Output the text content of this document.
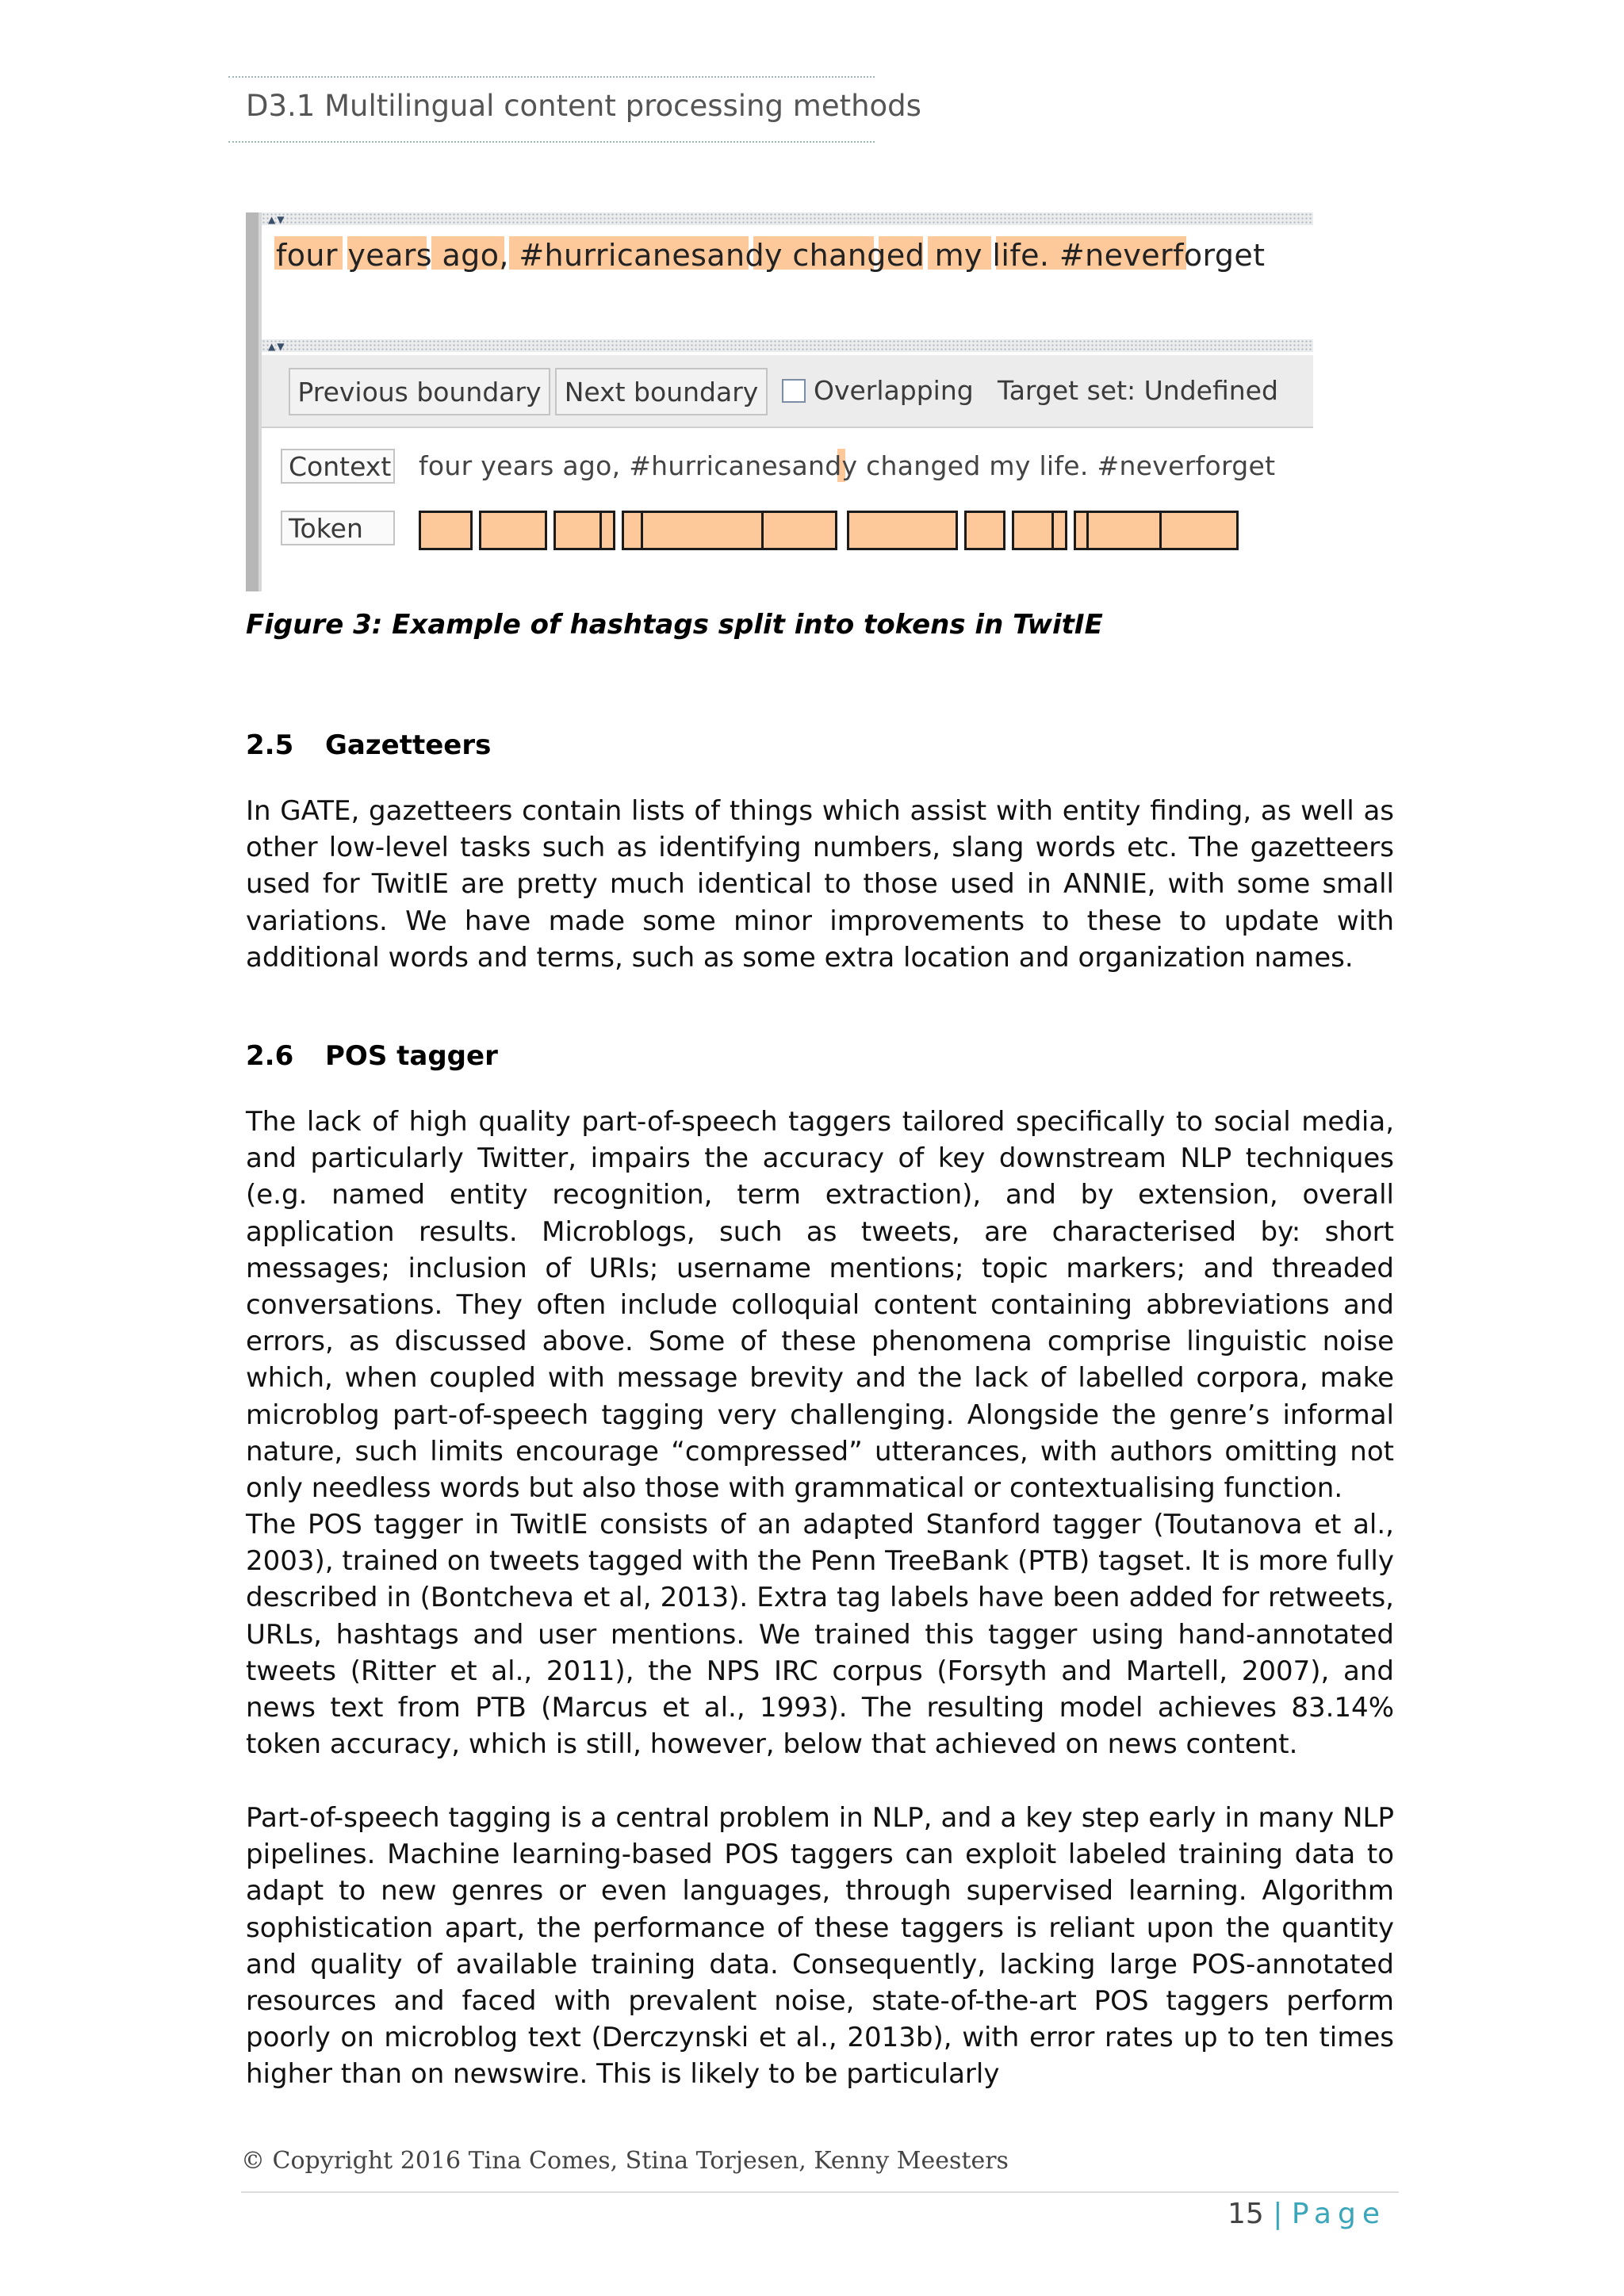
D3.1 Multilingual content processing methods
▲▼
four years ago, #hurricanesandy changed my life. #neverforget
▲▼
Previous boundary Next boundary	Overlapping Target set: Undefined
Context four years ago, #hurricanesandy changed my life. #neverforget
Token
Figure 3: Example of hashtags split into tokens in TwitIE
2.5 Gazetteers
In GATE, gazetteers contain lists of things which assist with entity finding, as well as other low-level tasks such as identifying numbers, slang words etc. The gazetteers used for TwitIE are pretty much identical to those used in ANNIE, with some small variations. We have made some minor improvements to these to update with additional words and terms, such as some extra location and organization names.
2.6 POS tagger
The lack of high quality part-of-speech taggers tailored specifically to social media, and particularly Twitter, impairs the accuracy of key downstream NLP techniques (e.g. named entity recognition, term extraction), and by extension, overall application results. Microblogs, such as tweets, are characterised by: short messages; inclusion of URIs; username mentions; topic markers; and threaded conversations. They often include colloquial content containing abbreviations and errors, as discussed above. Some of these phenomena comprise linguistic noise which, when coupled with message brevity and the lack of labelled corpora, make microblog part-of-speech tagging very challenging. Alongside the genre’s informal nature, such limits encourage “compressed” utterances, with authors omitting not only needless words but also those with grammatical or contextualising function.
The POS tagger in TwitIE consists of an adapted Stanford tagger (Toutanova et al., 2003), trained on tweets tagged with the Penn TreeBank (PTB) tagset. It is more fully described in (Bontcheva et al, 2013). Extra tag labels have been added for retweets, URLs, hashtags and user mentions. We trained this tagger using hand-annotated tweets (Ritter et al., 2011), the NPS IRC corpus (Forsyth and Martell, 2007), and news text from PTB (Marcus et al., 1993). The resulting model achieves 83.14% token accuracy, which is still, however, below that achieved on news content.
Part-of-speech tagging is a central problem in NLP, and a key step early in many NLP pipelines. Machine learning-based POS taggers can exploit labeled training data to adapt to new genres or even languages, through supervised learning. Algorithm sophistication apart, the performance of these taggers is reliant upon the quantity and quality of available training data. Consequently, lacking large POS-annotated resources and faced with prevalent noise, state-of-the-art POS taggers perform poorly on microblog text (Derczynski et al., 2013b), with error rates up to ten times higher than on newswire. This is likely to be particularly
© Copyright 2016 Tina Comes, Stina Torjesen, Kenny Meesters
15 | Page
